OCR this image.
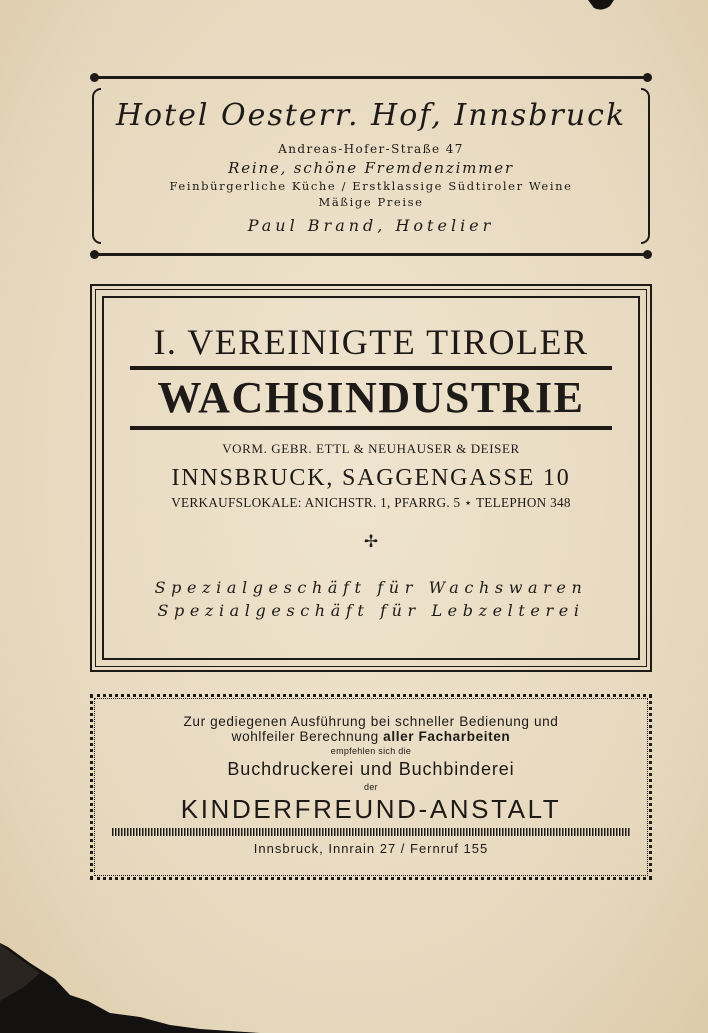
Hotel Oesterr. Hof, Innsbruck
Andreas-Hofer-Straße 47
Reine, schöne Fremdenzimmer
Feinbürgerliche Küche / Erstklassige Südtiroler Weine
Mäßige Preise
Paul Brand, Hotelier
I. VEREINIGTE TIROLER
WACHSINDUSTRIE
VORM. GEBR. ETTL & NEUHAUSER & DEISER
INNSBRUCK, SAGGENGASSE 10
VERKAUFSLOKALE: ANICHSTR. 1, PFARRG. 5 ⋆ TELEPHON 348
✢
Spezialgeschäft für Wachswaren
Spezialgeschäft für Lebzelterei
Zur gediegenen Ausführung bei schneller Bedienung und
wohlfeiler Berechnung aller Facharbeiten
empfehlen sich die
Buchdruckerei und Buchbinderei
der
KINDERFREUND-ANSTALT
Innsbruck, Innrain 27 / Fernruf 155
